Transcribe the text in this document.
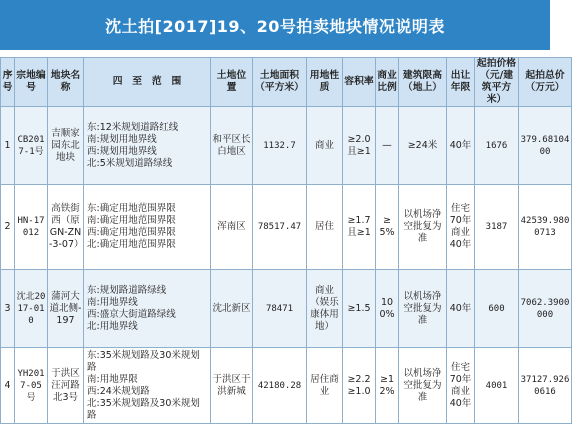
沈土拍[2017]19、20号拍卖地块情况说明表
序号	宗地编号	地块名称	四　至　范　围	土地位置	土地面积（平方米）	用地性质	容积率	商业比例	建筑限高（地上）	出让年限	起拍价格（元/建筑平方米）	起拍总价（万元）
1	CB2017-1号	吉顺家园东北地块	东:12米规划道路红线
南:规划用地界线
西:规划用地界线
北:5米规划道路绿线	和平区长白地区	1132.7	商业	≥2.0且≥1	—	≥24米	40年	1676	379.6810400
2	HN-17012	高铁街西（原GN-ZN-3-07）	东:确定用地范围界限
南:确定用地范围界限
西:确定用地范围界限
北:确定用地范围界限	浑南区	78517.47	居住	≥1.7且≥1	≥5%	以机场净空批复为准	住宅70年商业40年	3187	42539.9800713
3	沈北2017-010	蒲河大道北侧-197	东:规划路道路绿线
南:用地界线
西:盛京大街道路绿线
北:用地界线	沈北新区	78471	商业（娱乐康体用地）	≥1.5	100%	以机场净空批复为准	40年	600	7062.3900000
4	YH2017-05号	于洪区汪河路北3号	东:35米规划路及30米规划路
南:用地界限
西:24米规划路
北:35米规划路及30米规划路	于洪区于洪新城	42180.28	居住商业	≥2.2≥1.0	≥12%	以机场净空批复为准	住宅70年商业40年	4001	37127.9260616
